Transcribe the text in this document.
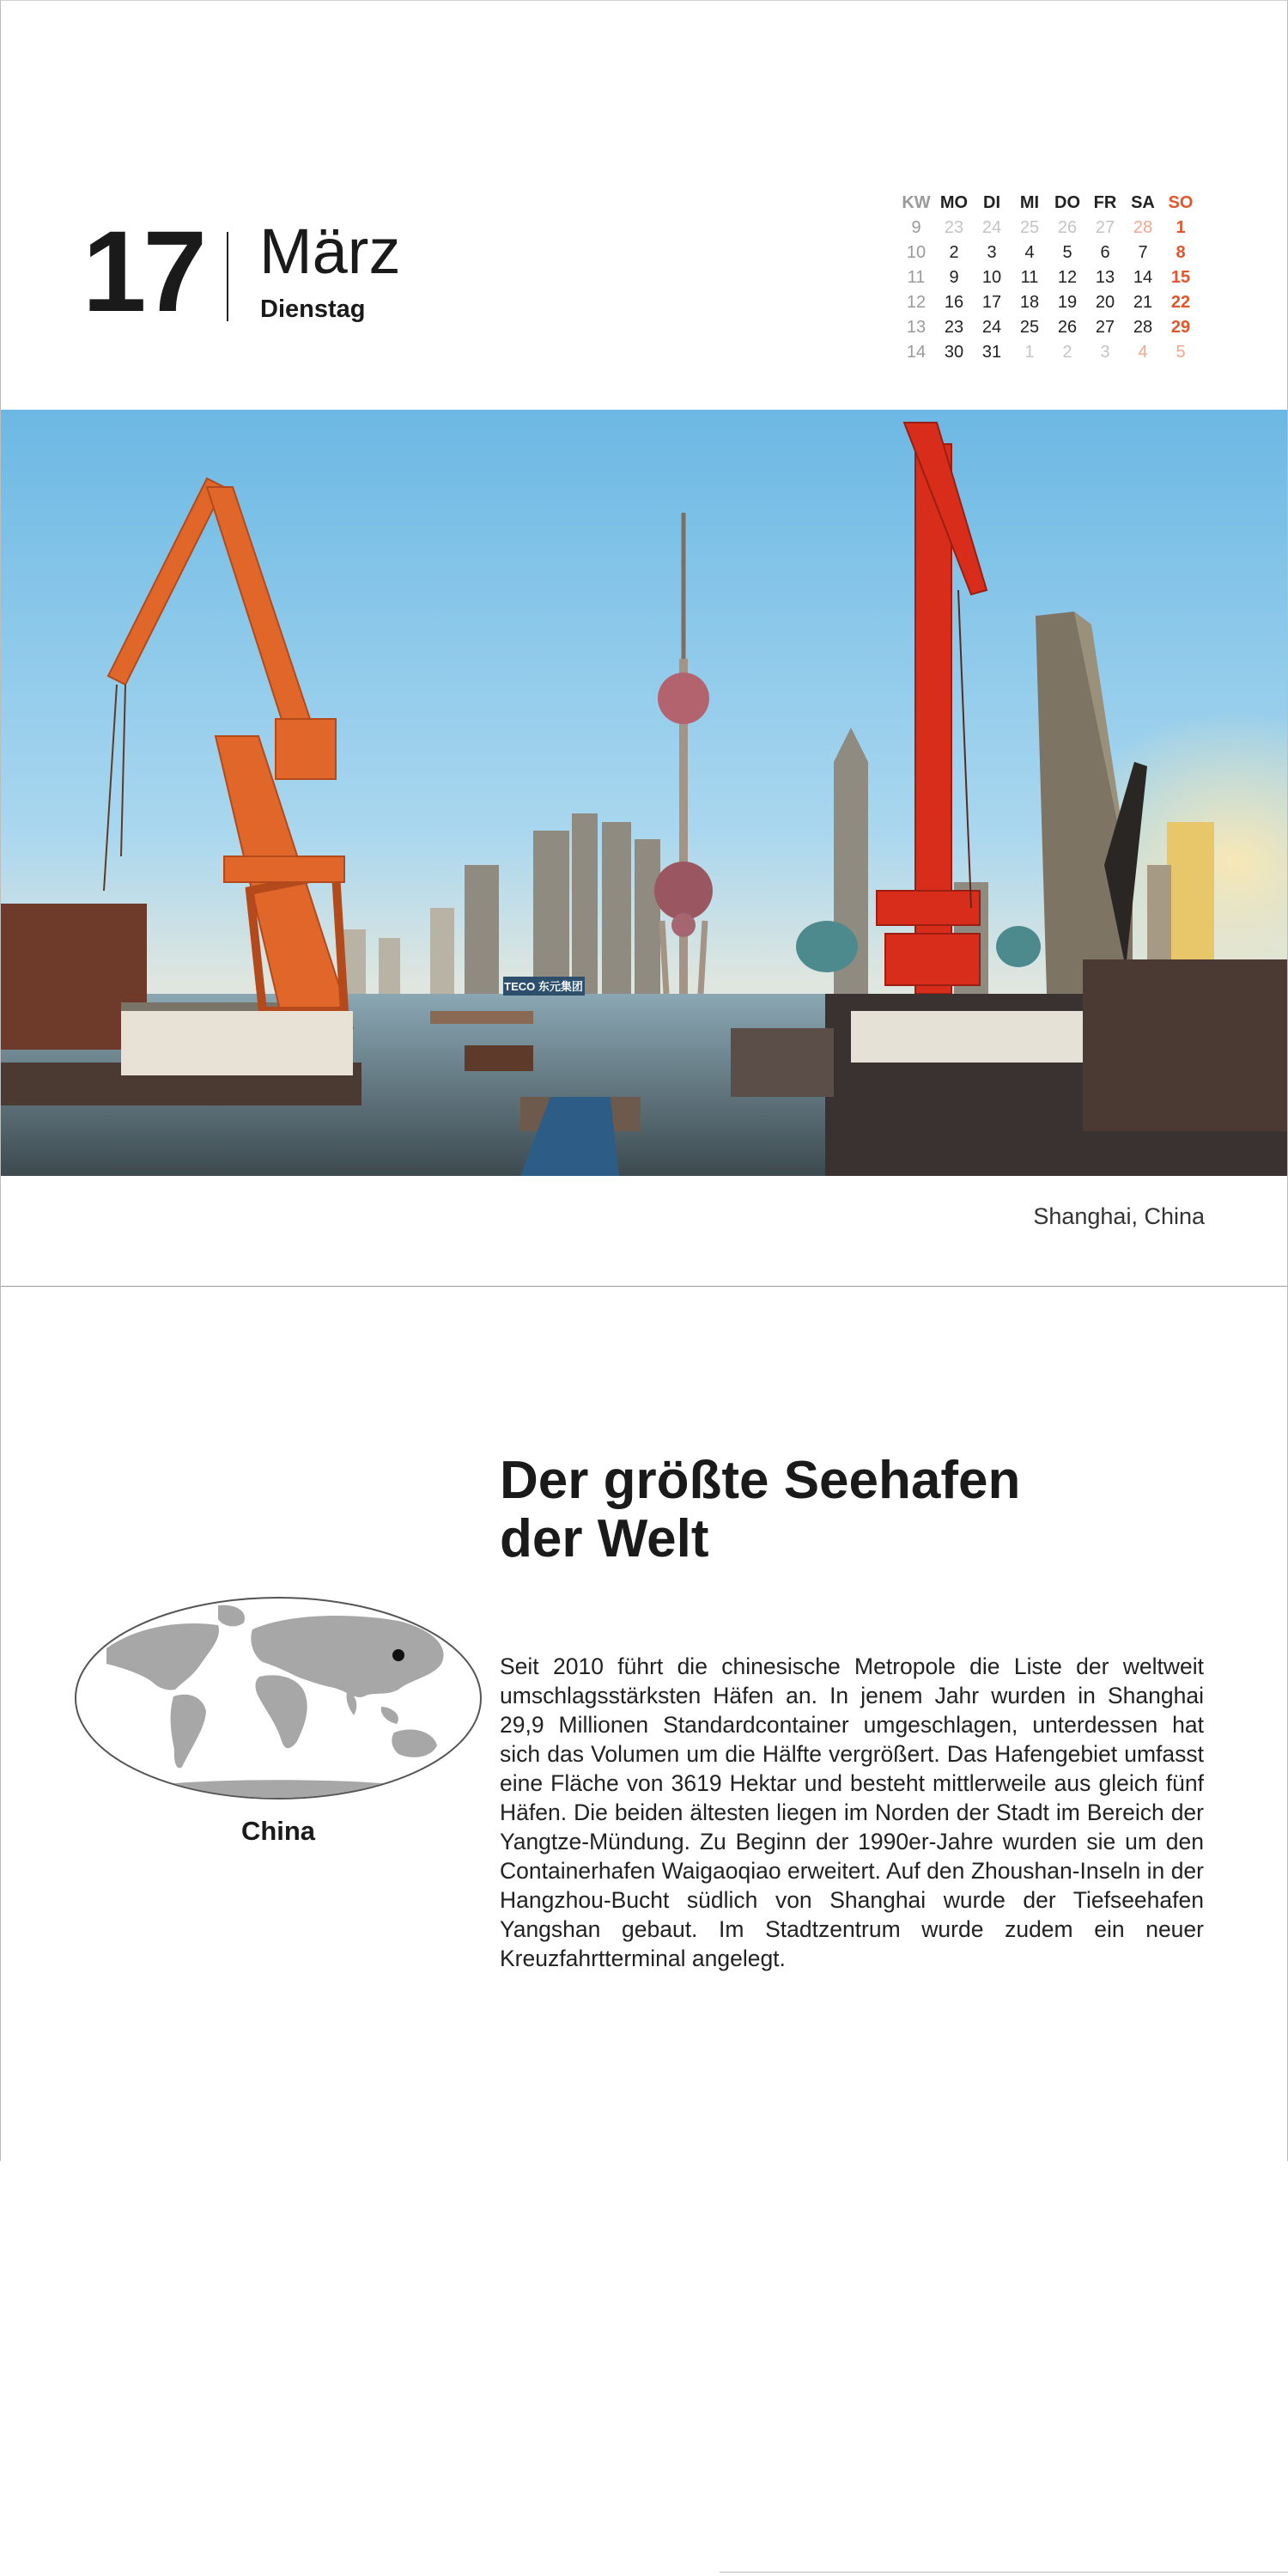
17 März
Dienstag
KW	MO	DI	MI	DO	FR	SA	SO
9	23	24	25	26	27	28	1
10	2	3	4	5	6	7	8
11	9	10	11	12	13	14	15
12	16	17	18	19	20	21	22
13	23	24	25	26	27	28	29
14	30	31	1	2	3	4	5
TECO 东元集团
Shanghai, China
Der größte Seehafen
der Welt

Seit 2010 führt die chinesische Metropole die Liste der weltweit umschlagsstärksten Häfen an. In jenem Jahr wurden in Shanghai 29,9 Millionen Standardcontainer umgeschlagen, unterdessen hat sich das Volumen um die Hälfte vergrößert. Das Hafengebiet umfasst eine Fläche von 3619 Hektar und besteht mittlerweile aus gleich fünf Häfen. Die beiden ältesten liegen im Norden der Stadt im Bereich der Yangtze-Mündung. Zu Beginn der 1990er-Jahre wurden sie um den Containerhafen Waigaoqiao erweitert. Auf den Zhoushan-Inseln in der Hangzhou-Bucht südlich von Shanghai wurde der Tiefseehafen Yangshan gebaut. Im Stadtzentrum wurde zudem ein neuer Kreuzfahrtterminal angelegt.

China
